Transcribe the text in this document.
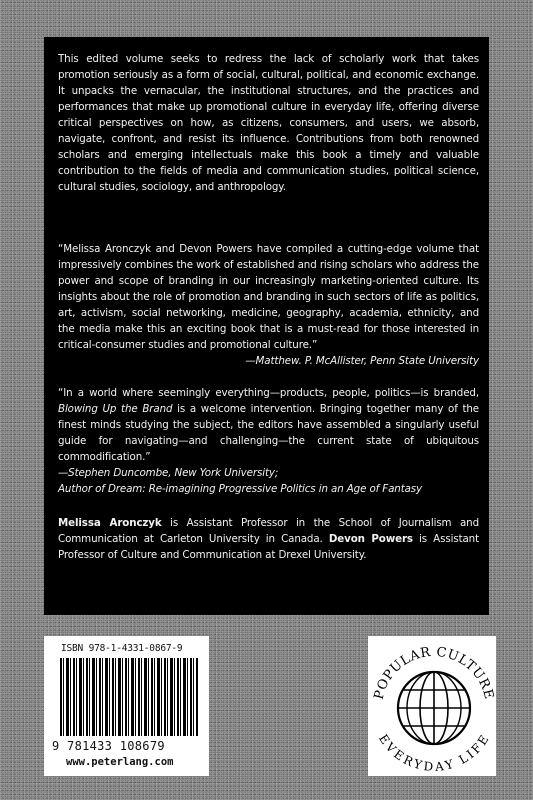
This edited volume seeks to redress the lack of scholarly work that takes promotion seriously as a form of social, cultural, political, and economic exchange. It unpacks the vernacular, the institutional structures, and the practices and performances that make up promotional culture in everyday life, offering diverse critical perspectives on how, as citizens, consumers, and users, we absorb, navigate, confront, and resist its influence. Contributions from both renowned scholars and emerging intellectuals make this book a timely and valuable contribution to the fields of media and communication studies, political science, cultural studies, sociology, and anthropology.

“Melissa Aronczyk and Devon Powers have compiled a cutting-edge volume that impressively combines the work of established and rising scholars who address the power and scope of branding in our increasingly marketing-oriented culture. Its insights about the role of promotion and branding in such sectors of life as politics, art, activism, social networking, medicine, geography, academia, ethnicity, and the media make this an exciting book that is a must-read for those interested in critical-consumer studies and promotional culture.”
—Matthew. P. McAllister, Penn State University

“In a world where seemingly everything—products, people, politics—is branded, Blowing Up the Brand is a welcome intervention. Bringing together many of the finest minds studying the subject, the editors have assembled a singularly useful guide for navigating—and challenging—the current state of ubiquitous commodification.”

—Stephen Duncombe, New York University;

Author of Dream: Re-imagining Progressive Politics in an Age of Fantasy

Melissa Aronczyk is Assistant Professor in the School of Journalism and Communication at Carleton University in Canada. Devon Powers is Assistant Professor of Culture and Communication at Drexel University.

ISBN 978-1-4331-0867-9
9 781433 108679
www.peterlang.com
POPULAR CULTURE
EVERYDAY LIFE
